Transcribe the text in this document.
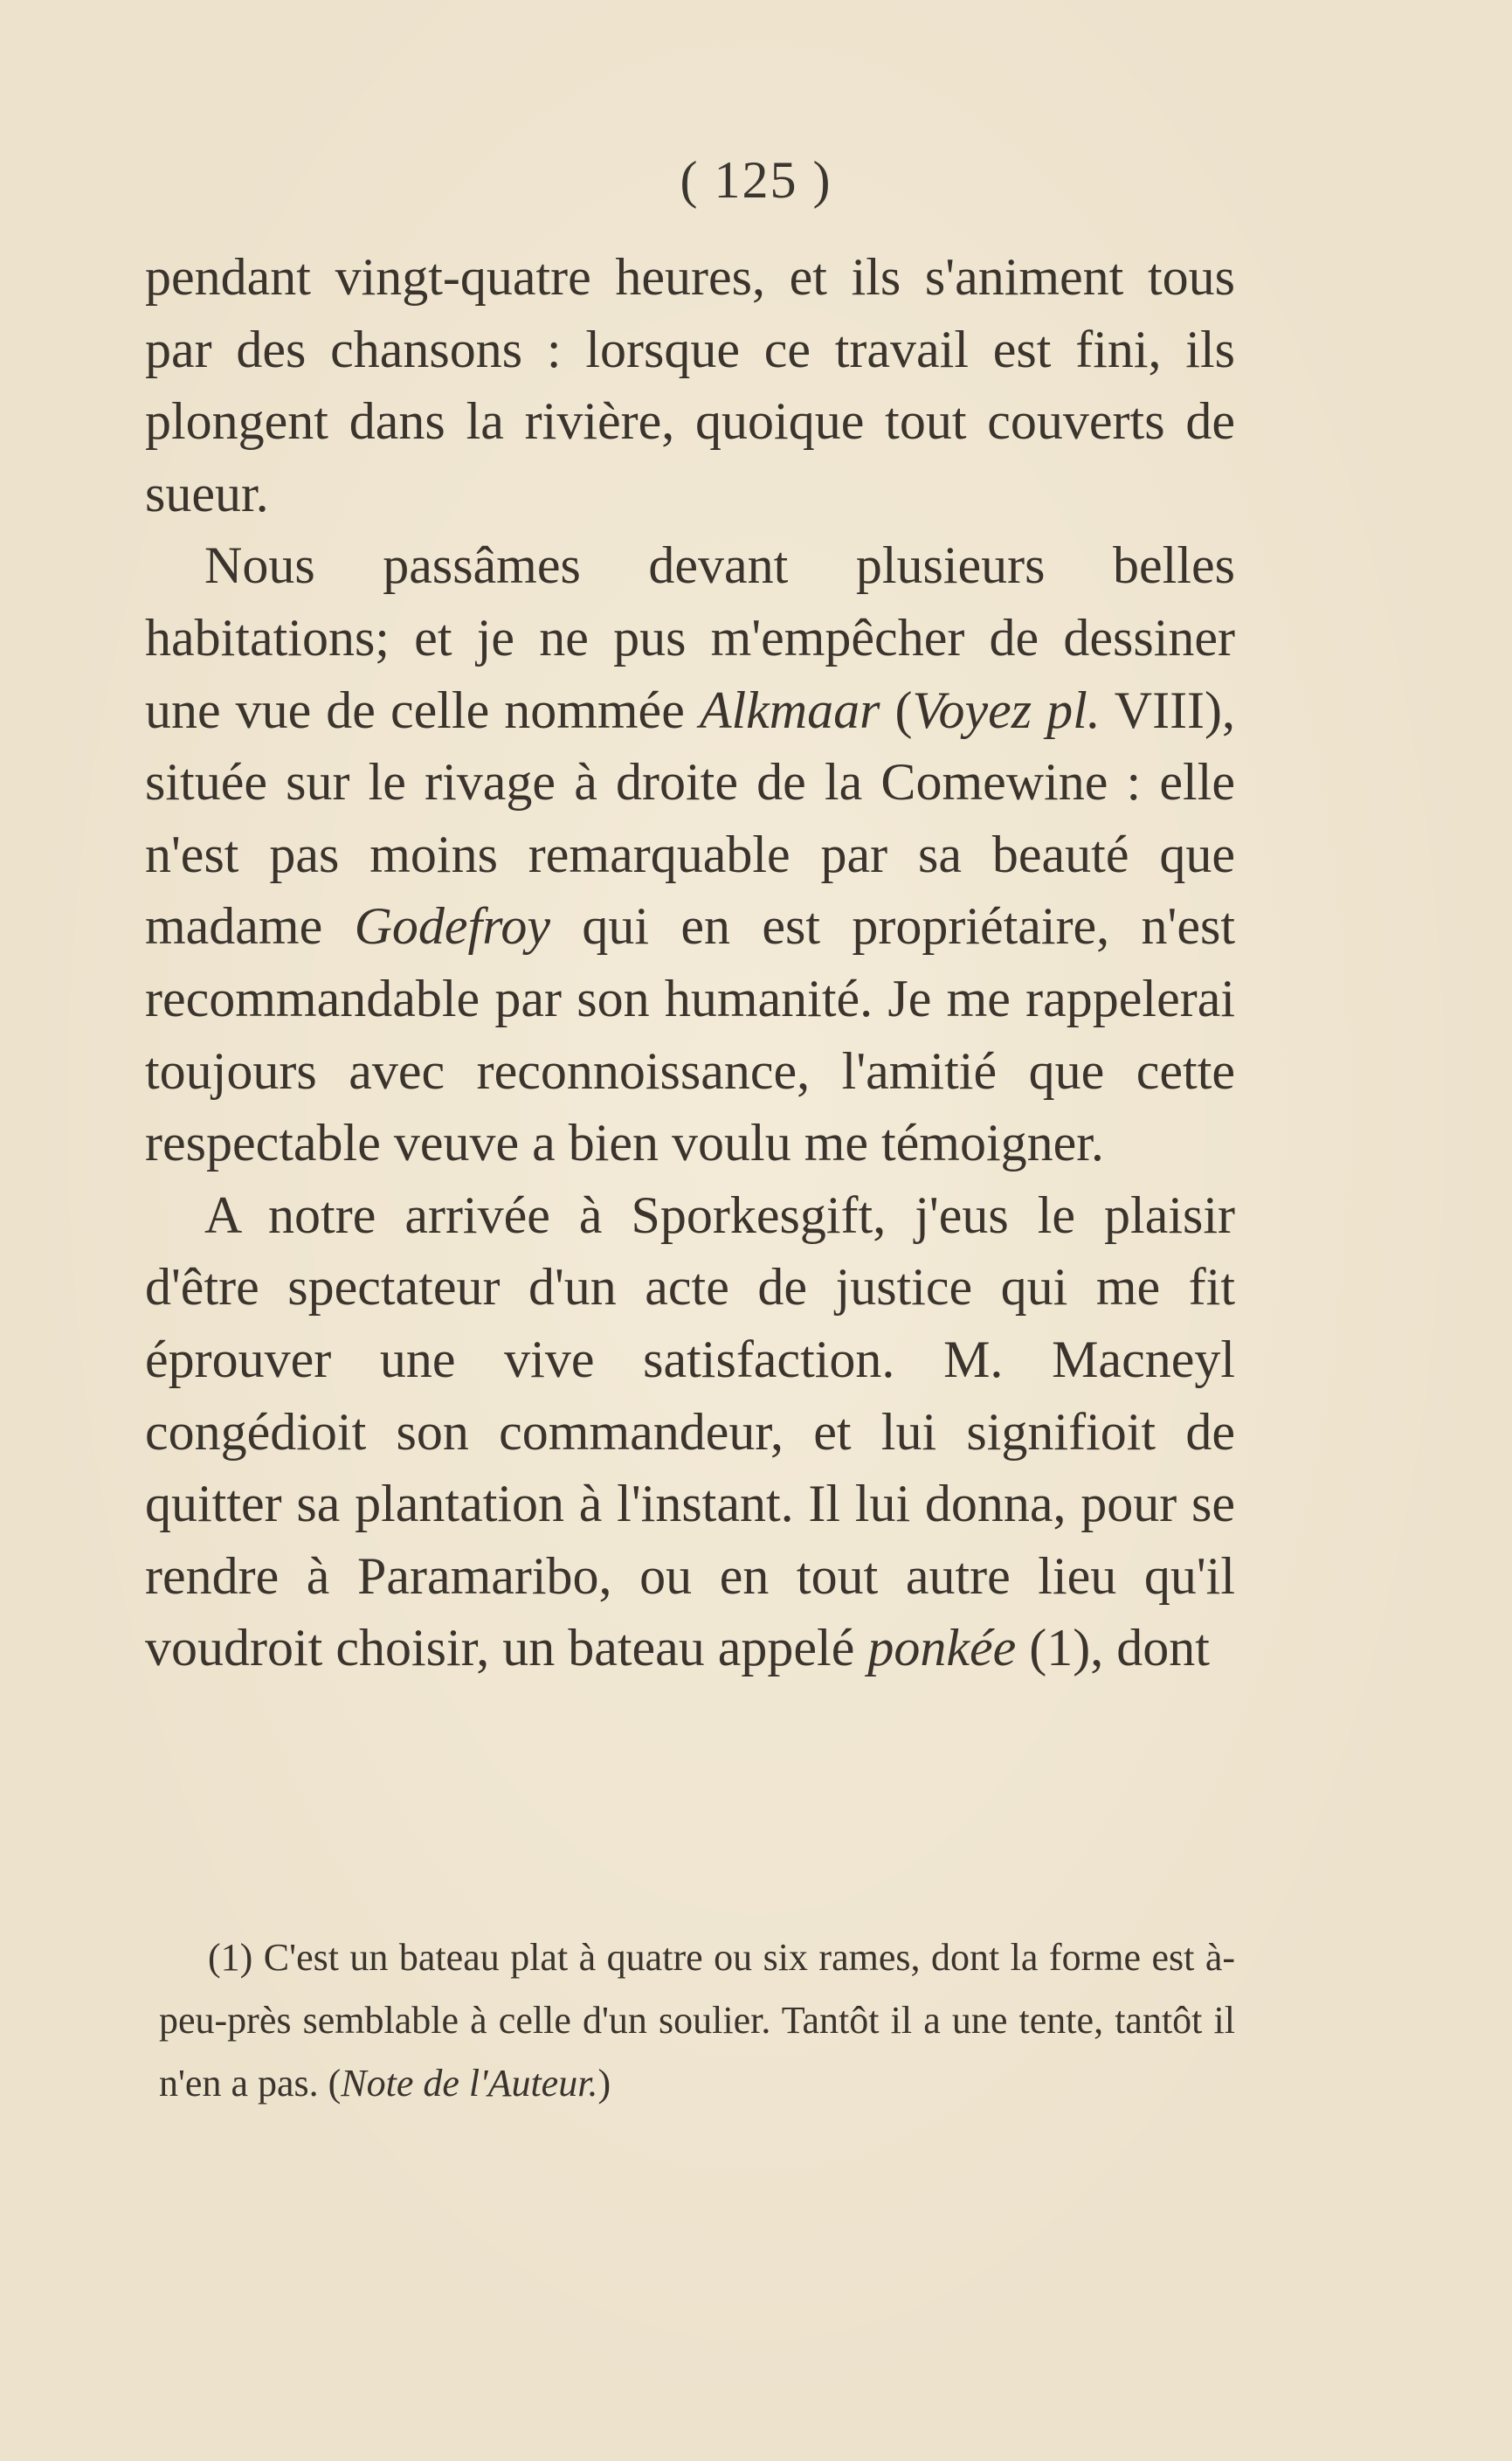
( 125 )

pendant vingt-quatre heures, et ils s'animent tous par des chansons : lorsque ce travail est fini, ils plongent dans la rivière, quoique tout couverts de sueur.

Nous passâmes devant plusieurs belles habitations; et je ne pus m'empêcher de dessiner une vue de celle nommée Alkmaar (Voyez pl. VIII), située sur le rivage à droite de la Comewine : elle n'est pas moins remarquable par sa beauté que madame Godefroy qui en est propriétaire, n'est recommandable par son humanité. Je me rappelerai toujours avec reconnoissance, l'amitié que cette respectable veuve a bien voulu me témoigner.

A notre arrivée à Sporkesgift, j'eus le plaisir d'être spectateur d'un acte de justice qui me fit éprouver une vive satisfaction. M. Macneyl congédioit son commandeur, et lui signifioit de quitter sa plantation à l'instant. Il lui donna, pour se rendre à Paramaribo, ou en tout autre lieu qu'il voudroit choisir, un bateau appelé ponkée (1), dont

(1) C'est un bateau plat à quatre ou six rames, dont la forme est à-peu-près semblable à celle d'un soulier. Tantôt il a une tente, tantôt il n'en a pas. (Note de l'Auteur.)
